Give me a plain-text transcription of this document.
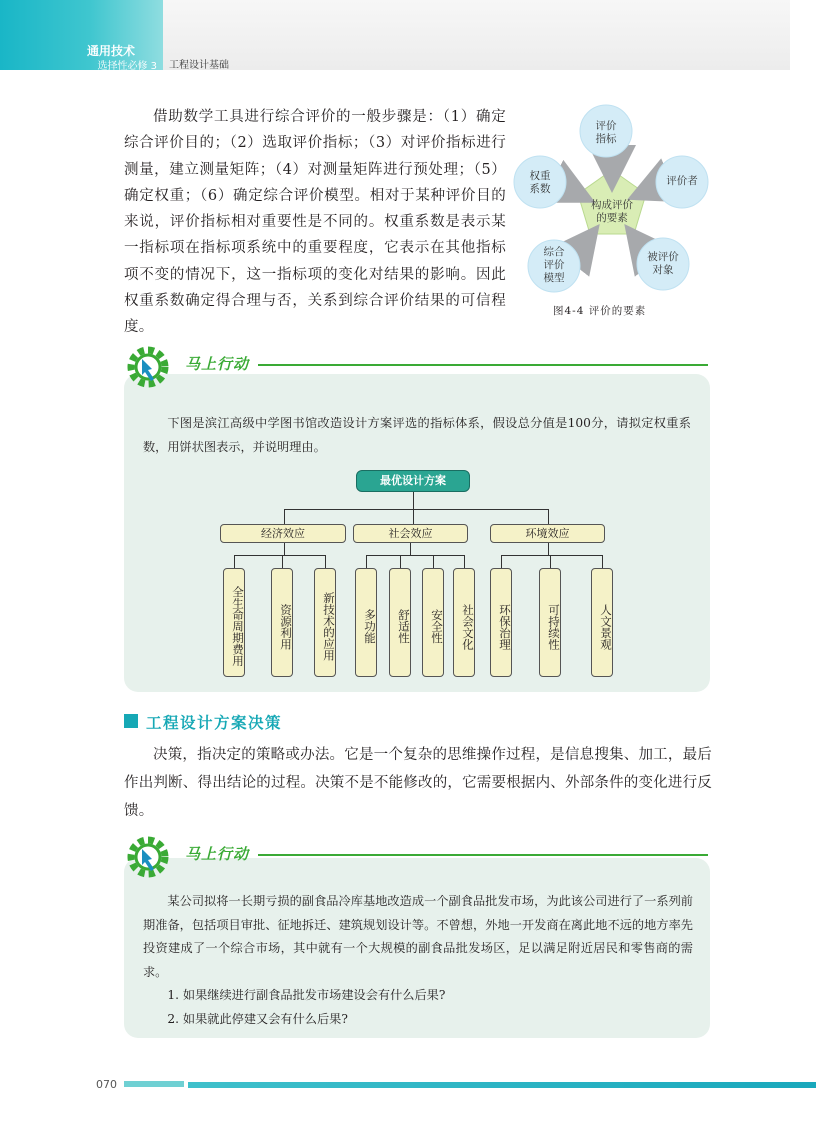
通用技术
选择性必修 3 工程设计基础

借助数学工具进行综合评价的一般步骤是：（1）确定综合评价目的；（2）选取评价指标；（3）对评价指标进行测量，建立测量矩阵；（4）对测量矩阵进行预处理；（5）确定权重；（6）确定综合评价模型。相对于某种评价目的来说，评价指标相对重要性是不同的。权重系数是表示某一指标项在指标项系统中的重要程度，它表示在其他指标项不变的情况下，这一指标项的变化对结果的影响。因此权重系数确定得合理与否，关系到综合评价结果的可信程度。

评价指标
评价者
被评价对象
综合评价模型
权重系数
构成评价的要素
图4-4 评价的要素
马上行动

下图是滨江高级中学图书馆改造设计方案评选的指标体系，假设总分值是100分，请拟定权重系数，用饼状图表示，并说明理由。

最优设计方案
经济效应	社会效应	环境效应
全生命周期费用	资源利用	新技术的应用	多功能	舒适性	安全性	社会文化	环保治理	可持续性	人文景观
工程设计方案决策

决策，指决定的策略或办法。它是一个复杂的思维操作过程，是信息搜集、加工，最后作出判断、得出结论的过程。决策不是不能修改的，它需要根据内、外部条件的变化进行反馈。

马上行动

某公司拟将一长期亏损的副食品冷库基地改造成一个副食品批发市场，为此该公司进行了一系列前期准备，包括项目审批、征地拆迁、建筑规划设计等。不曾想，外地一开发商在离此地不远的地方率先投资建成了一个综合市场，其中就有一个大规模的副食品批发场区，足以满足附近居民和零售商的需求。

1. 如果继续进行副食品批发市场建设会有什么后果?

2. 如果就此停建又会有什么后果?

070
